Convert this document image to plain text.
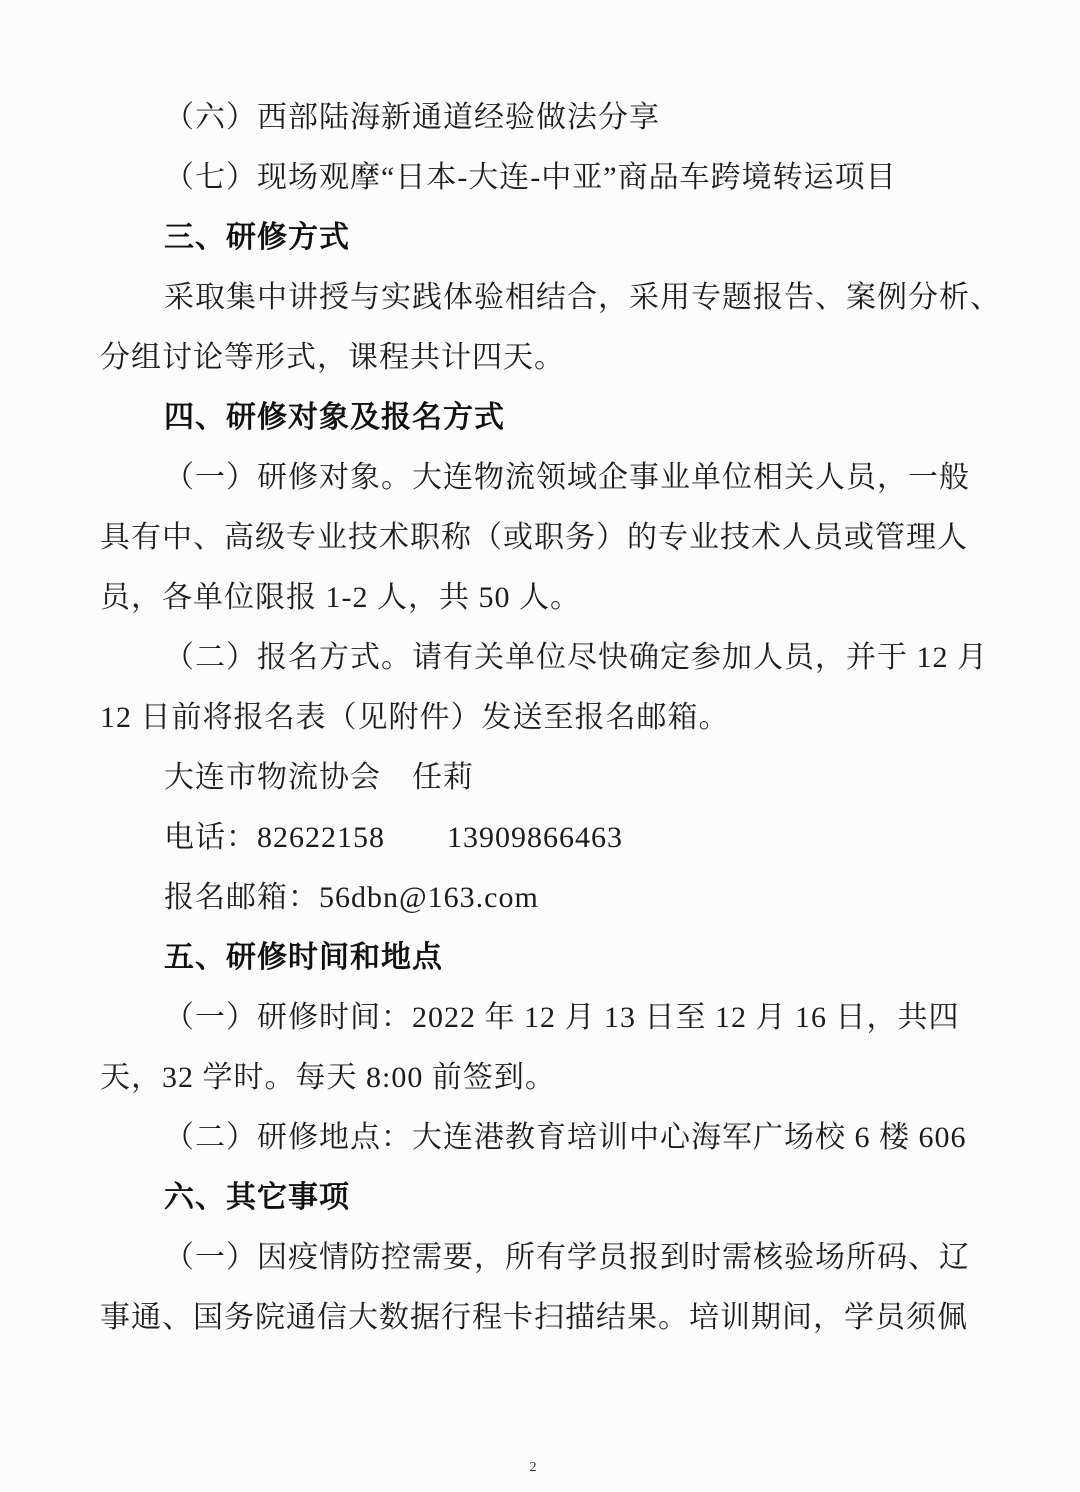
（六）西部陆海新通道经验做法分享
（七）现场观摩“日本-大连-中亚”商品车跨境转运项目
三、研修方式
采取集中讲授与实践体验相结合，采用专题报告、案例分析、
分组讨论等形式，课程共计四天。
四、研修对象及报名方式
（一）研修对象。大连物流领域企事业单位相关人员，一般
具有中、高级专业技术职称（或职务）的专业技术人员或管理人
员，各单位限报 1-2 人，共 50 人。
（二）报名方式。请有关单位尽快确定参加人员，并于 12 月
12 日前将报名表（见附件）发送至报名邮箱。
大连市物流协会　任莉
电话：82622158　　13909866463
报名邮箱：56dbn@163.com
五、研修时间和地点
（一）研修时间：2022 年 12 月 13 日至 12 月 16 日，共四
天，32 学时。每天 8:00 前签到。
（二）研修地点：大连港教育培训中心海军广场校 6 楼 606
六、其它事项
（一）因疫情防控需要，所有学员报到时需核验场所码、辽
事通、国务院通信大数据行程卡扫描结果。培训期间，学员须佩
2
